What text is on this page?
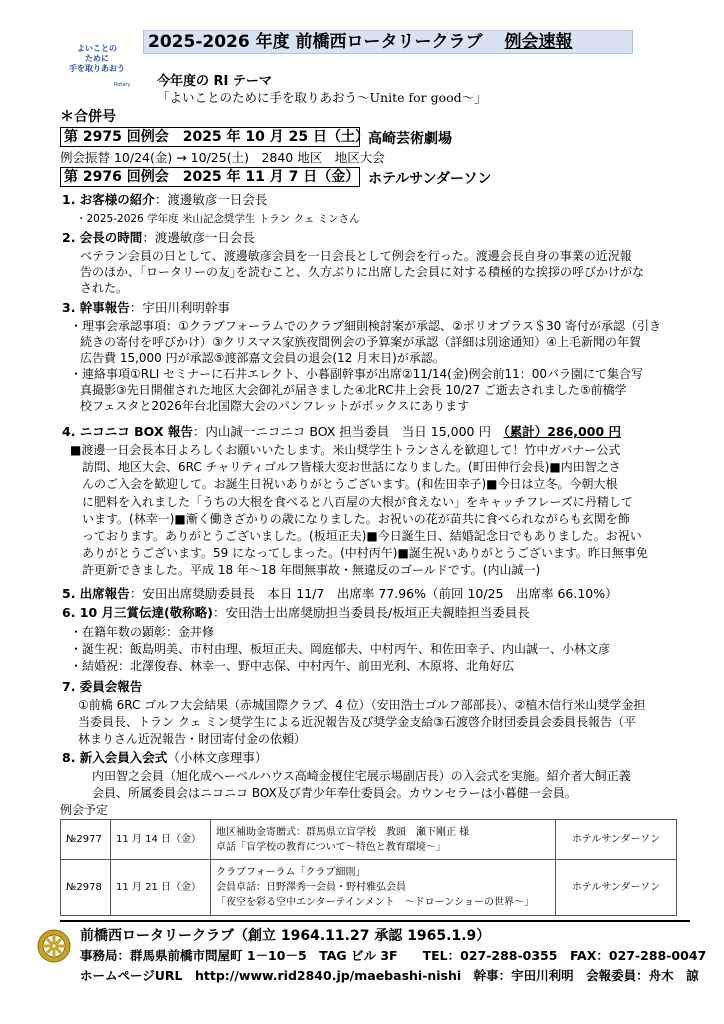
2025-2026 年度 前橋西ロータリークラブ 例会速報
よいことの
ために
手を取りあおう
Rotary 今年度の RI テーマ
「よいことのために手を取りあおう～Unite for good～」
＊合併号
第 2975 回例会　2025 年 10 月 25 日（土）
高崎芸術劇場
例会振替 10/24(金) → 10/25(土)　2840 地区　地区大会
第 2976 回例会　2025 年 11 月 7 日（金） ホテルサンダーソン
1. お客様の紹介：渡邊敏彦一日会長
・2025-2026 学年度 米山記念奨学生 トラン クェ ミンさん
2. 会長の時間：渡邊敏彦一日会長
ベテラン会員の日として、渡邊敏彦会員を一日会長として例会を行った。渡邊会長自身の事業の近況報
告のほか、｢ロータリーの友｣を読むこと、久方ぶりに出席した会員に対する積極的な挨拶の呼びかけがな
された。
3. 幹事報告：宇田川利明幹事
・理事会承認事項：①クラブフォーラムでのクラブ細則検討案が承認、②ポリオプラス＄30 寄付が承認（引き
続きの寄付を呼びかけ）③クリスマス家族夜間例会の予算案が承認（詳細は別途通知）④上毛新聞の年賀
広告費 15,000 円が承認⑤渡部嘉文会員の退会(12 月末日)が承認。
・連絡事項①RLI セミナーに石井エレクト、小暮副幹事が出席②11/14(金)例会前11：00バラ園にて集合写
真撮影③先日開催された地区大会御礼が届きました④北RC井上会長 10/27 ご逝去されました⑤前橋学
校フェスタと2026年台北国際大会のパンフレットがボックスにあります
4. ニコニコ BOX 報告：内山誠一ニコニコ BOX 担当委員　当日 15,000 円　（累計）286,000 円
■渡邊一日会長本日よろしくお願いいたします。米山奨学生トランさんを歓迎して！竹中ガバナー公式
訪問、地区大会、6RC チャリティゴルフ皆様大変お世話になりました。(町田伸行会長)■内田智之さ
んのご入会を歓迎して。お誕生日祝いありがとうございます。(和佐田幸子)■今日は立冬。今朝大根
に肥料を入れました「うちの大根を食べると八百屋の大根が食えない」をキャッチフレーズに丹精して
います。(林幸一)■漸く働きざかりの歳になりました。お祝いの花が苗共に食べられながらも玄関を飾
っております。ありがとうございました。(板垣正夫)■今日誕生日、結婚記念日でもありました。お祝い
ありがとうございます。59 になってしまった。(中村丙午)■誕生祝いありがとうございます。昨日無事免
許更新できました。平成 18 年～18 年間無事故・無違反のゴールドです。(内山誠一)
5. 出席報告：安田出席奨励委員長　本日 11/7　出席率 77.96%（前回 10/25　出席率 66.10%）
6. 10 月三賞伝達(敬称略)：安田浩士出席奨励担当委員長/板垣正夫親睦担当委員長
・在籍年数の顕彰：金井修
・誕生祝：飯島明美、市村由理、板垣正夫、岡庭郁夫、中村丙午、和佐田幸子、内山誠一、小林文彦
・結婚祝：北澤俊春、林幸一、野中志保、中村丙午、前田光利、木原将、北角好広
7. 委員会報告
①前橋 6RC ゴルフ大会結果（赤城国際クラブ、4 位）（安田浩士ゴルフ部部長）、②植木信行米山奨学金担
当委員長、トラン クェ ミン奨学生による近況報告及び奨学金支給③石渡啓介財団委員会委員長報告（平
林まりさん近況報告・財団寄付金の依頼）
8. 新入会員入会式（小林文彦理事）
内田智之会員（旭化成ヘーベルハウス高崎金榎住宅展示場副店長）の入会式を実施。紹介者大飼正義
会員、所属委員会はニコニコ BOX及び青少年奉仕委員会。カウンセラーは小暮健一会員。
例会予定
№2977	11 月 14 日（金）	地区補助金寄贈式：群馬県立盲学校　教頭　瀬下剛正 様
卓話「盲学校の教育について～特色と教育環境～」	ホテルサンダーソン
№2978	11 月 21 日（金）	クラブフォーラム「クラブ細則」
会員卓話：日野澤秀一会員・野村雅弘会員
「夜空を彩る空中エンターテインメント　～ドローンショーの世界～」	ホテルサンダーソン
前橋西ロータリークラブ（創立 1964.11.27 承認 1965.1.9）
事務局：群馬県前橋市問屋町 1－10－5　TAG ビル 3F　　TEL：027-288-0355　FAX：027-288-0047
ホームページURL　http://www.rid2840.jp/maebashi-nishi　幹事：宇田川利明　会報委員：舟木　諒
